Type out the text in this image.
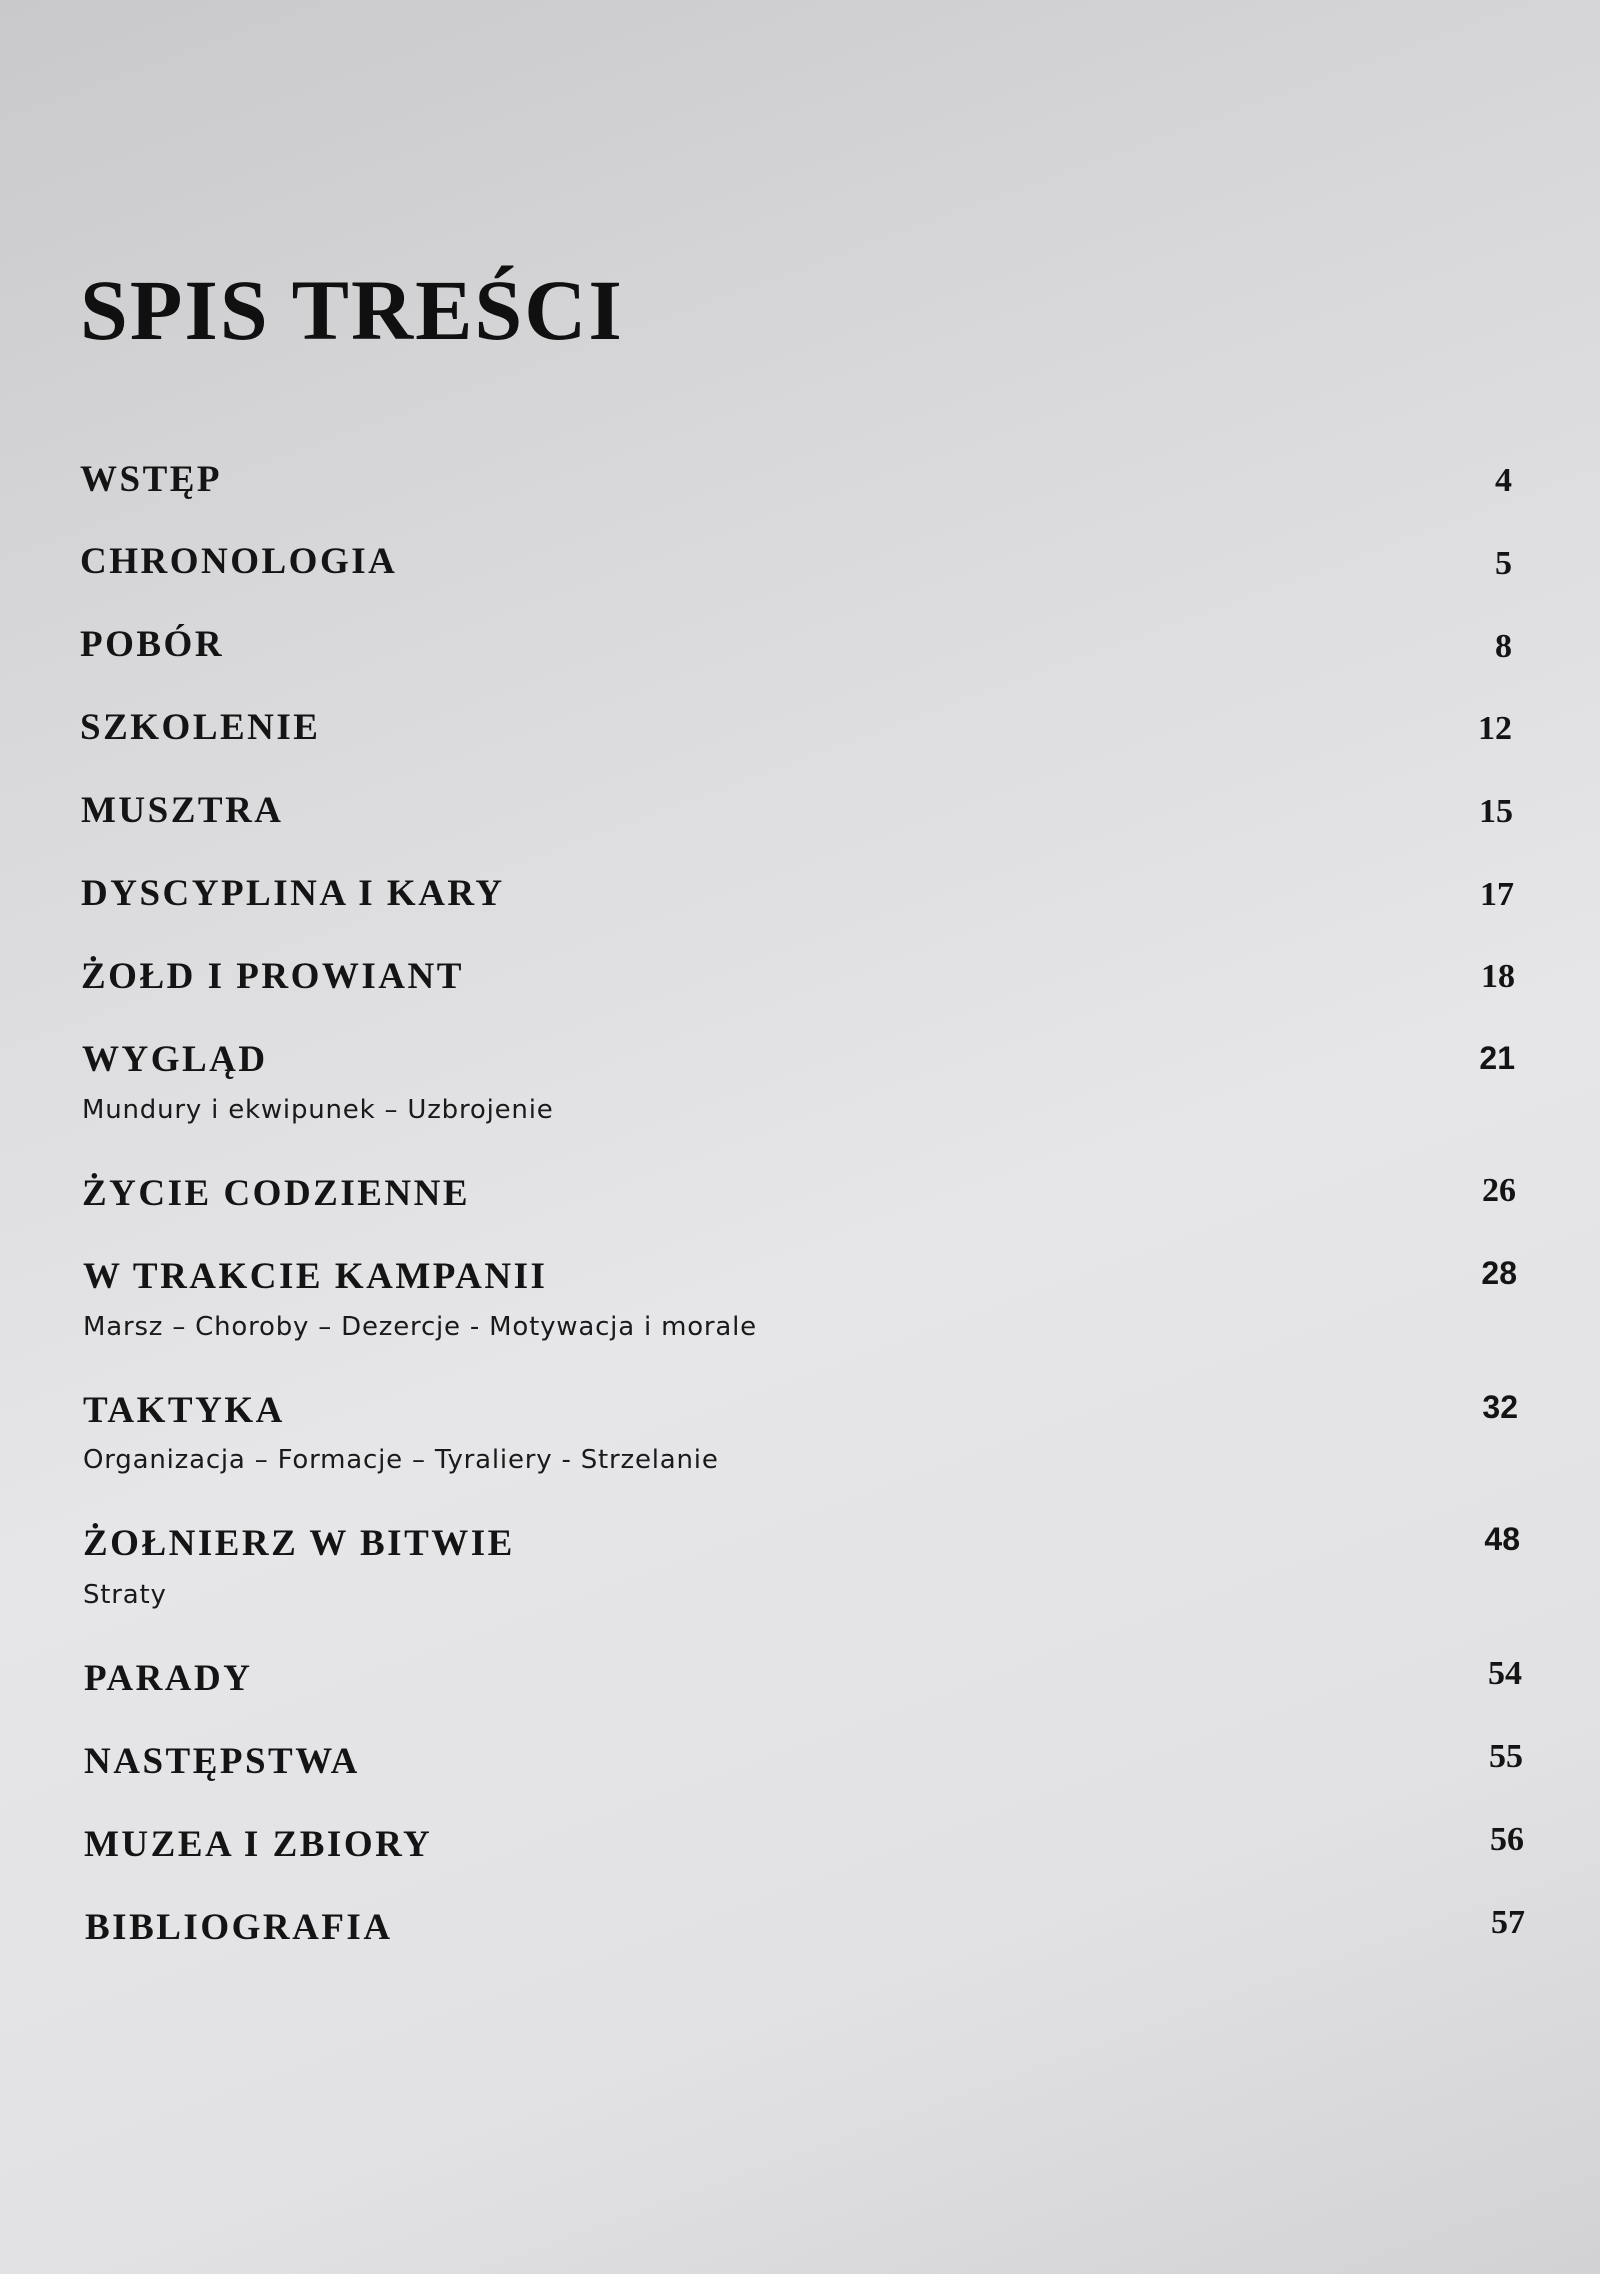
SPIS TREŚCI
WSTĘP	4
CHRONOLOGIA	5
POBÓR	8
SZKOLENIE	12
MUSZTRA	15
DYSCYPLINA I KARY	17
ŻOŁD I PROWIANT	18
WYGLĄD	21
Mundury i ekwipunek – Uzbrojenie
ŻYCIE CODZIENNE	26
W TRAKCIE KAMPANII	28
Marsz – Choroby – Dezercje - Motywacja i morale
TAKTYKA	32
Organizacja – Formacje – Tyraliery - Strzelanie
ŻOŁNIERZ W BITWIE	48
Straty
PARADY	54
NASTĘPSTWA	55
MUZEA I ZBIORY	56
BIBLIOGRAFIA	57
